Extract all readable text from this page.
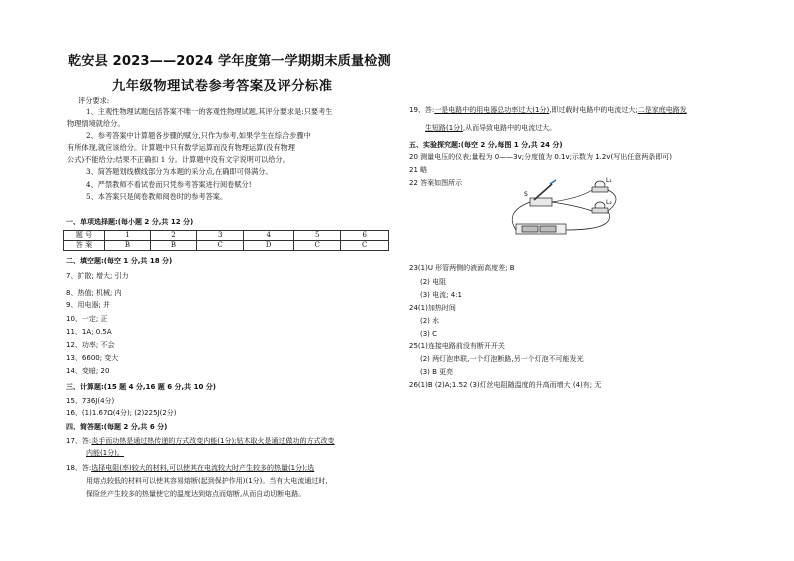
乾安县 2023——2024 学年度第一学期期末质量检测
九年级物理试卷参考答案及评分标准
评分要求:
1、主观性物理试题包括答案不唯一的客观性物理试题,其评分要求是:只要考生
物理情境就给分。
2、参考答案中计算题各步骤的赋分,只作为参考,如果学生在综合步骤中
有所体现,就应该给分。计算题中只有数学运算而没有物理运算(没有物理
公式)不能给分;结果不正确扣 1 分。计算题中没有文字说明可以给分。
3、简答题划线横线部分为本题的采分点,在确即可得满分。
4、严禁教师不看试卷而只凭参考答案进行阅卷赋分!
5、本答案只是阅卷教师阅卷时的参考答案。
一、单项选择题:(每小题 2 分,共 12 分)
题 号	1	2	3	4	5	6
答 案	B	B	C	D	C	C
二、填空题:(每空 1 分,共 18 分)
7、扩散; 增大; 引力
8、热值; 机械; 内
9、用电器; 并
10、一定; 正
11、1A; 0.5A
12、功率; 不会
13、6600; 变大
14、变暗; 20
三、计算题:(15 题 4 分,16 题 6 分,共 10 分)
15、736J(4分)
16、(1)1.67Ω(4分); (2)225J(2分)
四、简答题:(每题 2 分,共 6 分)
17、答:炎手而功热是通过热传递的方式改变内能(1分);钻木取火是通过做功的方式改变
内能(1分)。
18、答:选择电阻(率)较大的材料,可以使其在电流较大时产生较多的热量(1分);选
用熔点较低的材料可以使其容易熔断(起到保护作用)(1分)。当有大电流通过时,
保险丝产生较多的热量使它的温度达到熔点而熔断,从而自动切断电路。
19、答:一是电路中的用电器总功率过大(1分),即过载时电路中的电流过大;二是家庭电路发
生短路(1分),从而导致电路中的电流过大。
五、实验探究题:(每空 2 分,每图 1 分,共 24 分)
20 测量电压的仪表;量程为 0——3v;分度值为 0.1v;示数为 1.2v(写出任意两条即可)
21 略
22 答案如图所示
S
L₁
L₂
23(1)U 形管两侧的液面高度差; B
(2) 电阻
(3) 电流; 4:1
24(1)加热时间
(2) 水
(3) C
25(1)连接电路前没有断开开关
(2) 两灯泡串联,一个灯泡断路,另一个灯泡不可能发光
(3) B 更亮
26(1)B (2)A;1.52 (3)灯丝电阻随温度的升高而增大 (4)有; 无
